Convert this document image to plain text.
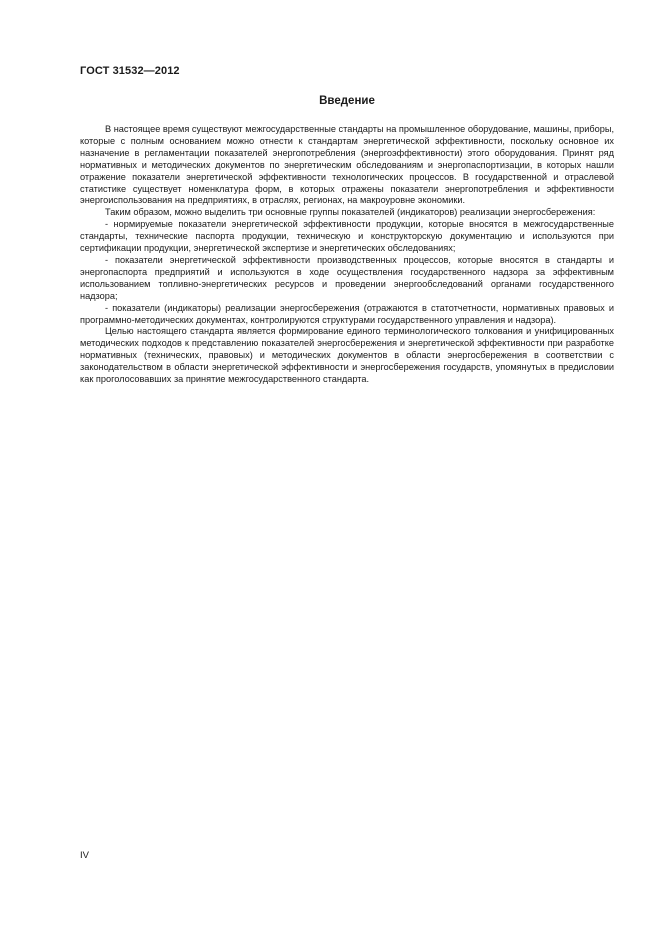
ГОСТ 31532—2012
Введение

В настоящее время существуют межгосударственные стандарты на промышленное оборудование, машины, приборы, которые с полным основанием можно отнести к стандартам энергетической эффективности, поскольку основное их назначение в регламентации показателей энергопотребления (энергоэффективности) этого оборудования. Принят ряд нормативных и методических документов по энергетическим обследованиям и энергопаспортизации, в которых нашли отражение показатели энергетической эффективности технологических процессов. В государственной и отраслевой статистике существует номенклатура форм, в которых отражены показатели энергопотребления и эффективности энергоиспользования на предприятиях, в отраслях, регионах, на макроуровне экономики.

Таким образом, можно выделить три основные группы показателей (индикаторов) реализации энергосбережения:

- нормируемые показатели энергетической эффективности продукции, которые вносятся в межгосударственные стандарты, технические паспорта продукции, техническую и конструкторскую документацию и используются при сертификации продукции, энергетической экспертизе и энергетических обследованиях;

- показатели энергетической эффективности производственных процессов, которые вносятся в стандарты и энергопаспорта предприятий и используются в ходе осуществления государственного надзора за эффективным использованием топливно-энергетических ресурсов и проведении энергообследований органами государственного надзора;

- показатели (индикаторы) реализации энергосбережения (отражаются в статотчетности, нормативных правовых и программно-методических документах, контролируются структурами государственного управления и надзора).

Целью настоящего стандарта является формирование единого терминологического толкования и унифицированных методических подходов к представлению показателей энергосбережения и энергетической эффективности при разработке нормативных (технических, правовых) и методических документов в области энергосбережения в соответствии с законодательством в области энергетической эффективности и энергосбережения государств, упомянутых в предисловии как проголосовавших за принятие межгосударственного стандарта.

IV
